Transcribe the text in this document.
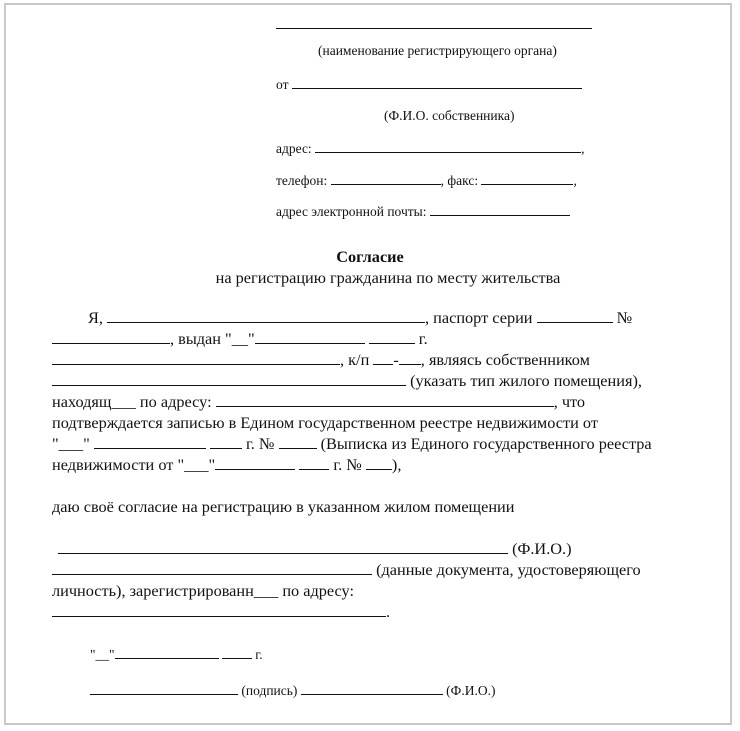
(наименование регистрирующего органа)
от
(Ф.И.О. собственника)
адрес:	,
телефон:	, факс:	,
адрес электронной почты:
Согласие
на регистрацию гражданина по месту жительства
Я,	, паспорт серии	№
, выдан "__"	г.
, к/п - , являясь собственником
(указать тип жилого помещения),
находящ___ по адресу:	, что
подтверждается записью в Едином государственном реестре недвижимости от
"___"	г. №	(Выписка из Единого государственного реестра
недвижимости от "___"	г. № ),
даю своё согласие на регистрацию в указанном жилом помещении
(Ф.И.О.)
(данные документа, удостоверяющего
личность), зарегистрированн___ по адресу:
.
"__"	г.
(подпись)	(Ф.И.О.)
